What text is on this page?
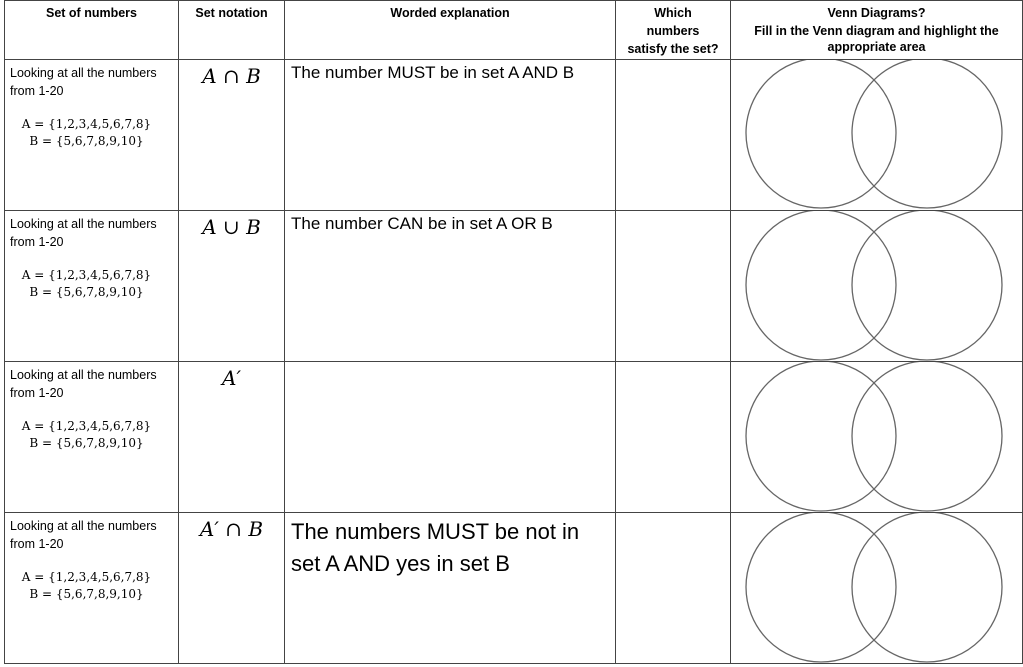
Set of numbers	Set notation	Worded explanation	Which
numbers
satisfy the set?	Venn Diagrams?
Fill in the Venn diagram and highlight the
appropriate area

Looking at all the numbers from 1-20
A = {1,2,3,4,5,6,7,8}
B = {5,6,7,8,9,10}	A ∩ B	The number MUST be in set A AND B		

Looking at all the numbers from 1-20
A = {1,2,3,4,5,6,7,8}
B = {5,6,7,8,9,10}	A ∪ B	The number CAN be in set A OR B		

Looking at all the numbers from 1-20
A = {1,2,3,4,5,6,7,8}
B = {5,6,7,8,9,10}	A′			

Looking at all the numbers from 1-20
A = {1,2,3,4,5,6,7,8}
B = {5,6,7,8,9,10}	A′ ∩ B	The numbers MUST be not in set A AND yes in set B		
